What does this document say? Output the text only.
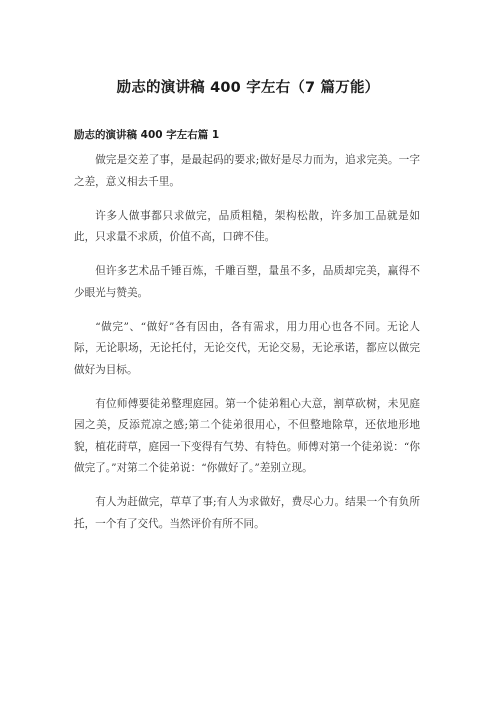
励志的演讲稿 400 字左右（7 篇万能）
励志的演讲稿 400 字左右篇 1

做完是交差了事，是最起码的要求;做好是尽力而为，追求完美。一字之差，意义相去千里。

许多人做事都只求做完，品质粗糙，架构松散，许多加工品就是如此，只求量不求质，价值不高，口碑不佳。

但许多艺术品千锤百炼，千雕百塑，量虽不多，品质却完美，赢得不少眼光与赞美。

“做完”、“做好”各有因由，各有需求，用力用心也各不同。无论人际，无论职场，无论托付，无论交代，无论交易，无论承诺，都应以做完做好为目标。

有位师傅要徒弟整理庭园。第一个徒弟粗心大意，割草砍树，未见庭园之美，反添荒凉之感;第二个徒弟很用心，不但整地除草，还依地形地貌，植花莳草，庭园一下变得有气势、有特色。师傅对第一个徒弟说：“你做完了。”对第二个徒弟说：“你做好了。”差别立现。

有人为赶做完，草草了事;有人为求做好，费尽心力。结果一个有负所托，一个有了交代。当然评价有所不同。
